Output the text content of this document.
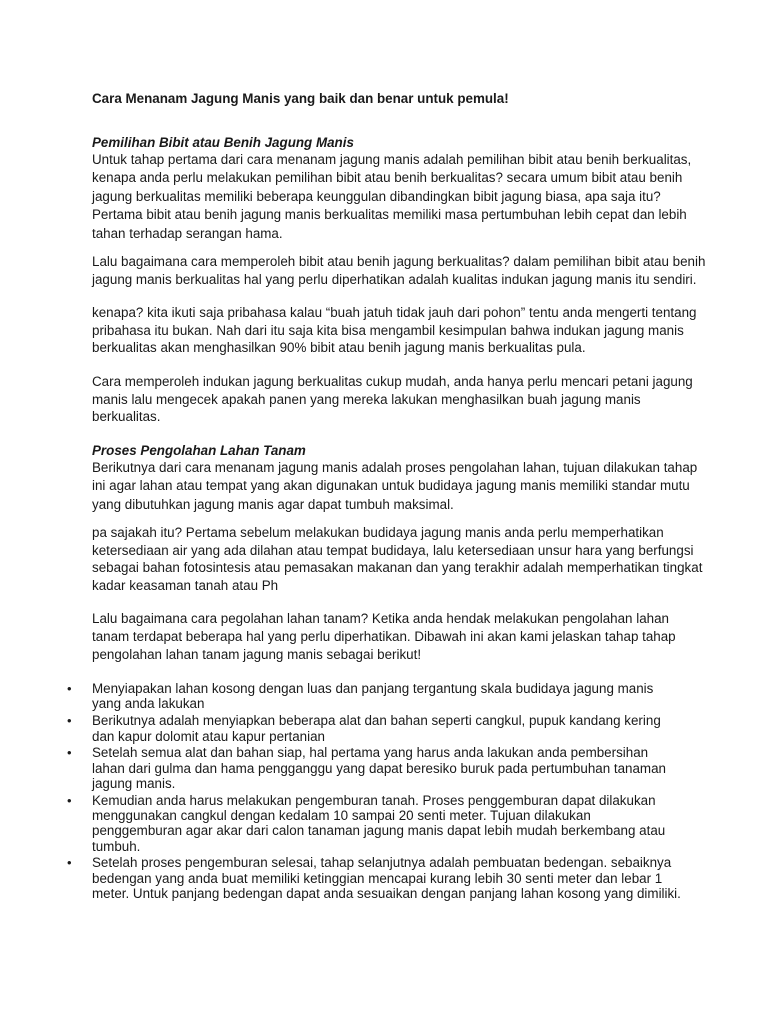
Cara Menanam Jagung Manis yang baik dan benar untuk pemula!
Pemilihan Bibit atau Benih Jagung Manis

Untuk tahap pertama dari cara menanam jagung manis adalah pemilihan bibit atau benih berkualitas, kenapa anda perlu melakukan pemilihan bibit atau benih berkualitas? secara umum bibit atau benih jagung berkualitas memiliki beberapa keunggulan dibandingkan bibit jagung biasa, apa saja itu? Pertama bibit atau benih jagung manis berkualitas memiliki masa pertumbuhan lebih cepat dan lebih tahan terhadap serangan hama.

Lalu bagaimana cara memperoleh bibit atau benih jagung berkualitas? dalam pemilihan bibit atau benih jagung manis berkualitas hal yang perlu diperhatikan adalah kualitas indukan jagung manis itu sendiri.

kenapa? kita ikuti saja pribahasa kalau “buah jatuh tidak jauh dari pohon” tentu anda mengerti tentang pribahasa itu bukan. Nah dari itu saja kita bisa mengambil kesimpulan bahwa indukan jagung manis berkualitas akan menghasilkan 90% bibit atau benih jagung manis berkualitas pula.

Cara memperoleh indukan jagung berkualitas cukup mudah, anda hanya perlu mencari petani jagung manis lalu mengecek apakah panen yang mereka lakukan menghasilkan buah jagung manis berkualitas.

Proses Pengolahan Lahan Tanam

Berikutnya dari cara menanam jagung manis adalah proses pengolahan lahan, tujuan dilakukan tahap ini agar lahan atau tempat yang akan digunakan untuk budidaya jagung manis memiliki standar mutu yang dibutuhkan jagung manis agar dapat tumbuh maksimal.

pa sajakah itu? Pertama sebelum melakukan budidaya jagung manis anda perlu memperhatikan ketersediaan air yang ada dilahan atau tempat budidaya, lalu ketersediaan unsur hara yang berfungsi sebagai bahan fotosintesis atau pemasakan makanan dan yang terakhir adalah memperhatikan tingkat kadar keasaman tanah atau Ph

Lalu bagaimana cara pegolahan lahan tanam? Ketika anda hendak melakukan pengolahan lahan tanam terdapat beberapa hal yang perlu diperhatikan. Dibawah ini akan kami jelaskan tahap tahap pengolahan lahan tanam jagung manis sebagai berikut!

• Menyiapakan lahan kosong dengan luas dan panjang tergantung skala budidaya jagung manis yang anda lakukan
• Berikutnya adalah menyiapkan beberapa alat dan bahan seperti cangkul, pupuk kandang kering dan kapur dolomit atau kapur pertanian
• Setelah semua alat dan bahan siap, hal pertama yang harus anda lakukan anda pembersihan lahan dari gulma dan hama pengganggu yang dapat beresiko buruk pada pertumbuhan tanaman jagung manis.
• Kemudian anda harus melakukan pengemburan tanah. Proses penggemburan dapat dilakukan menggunakan cangkul dengan kedalam 10 sampai 20 senti meter. Tujuan dilakukan penggemburan agar akar dari calon tanaman jagung manis dapat lebih mudah berkembang atau tumbuh.
• Setelah proses pengemburan selesai, tahap selanjutnya adalah pembuatan bedengan. sebaiknya bedengan yang anda buat memiliki ketinggian mencapai kurang lebih 30 senti meter dan lebar 1 meter. Untuk panjang bedengan dapat anda sesuaikan dengan panjang lahan kosong yang dimiliki.
